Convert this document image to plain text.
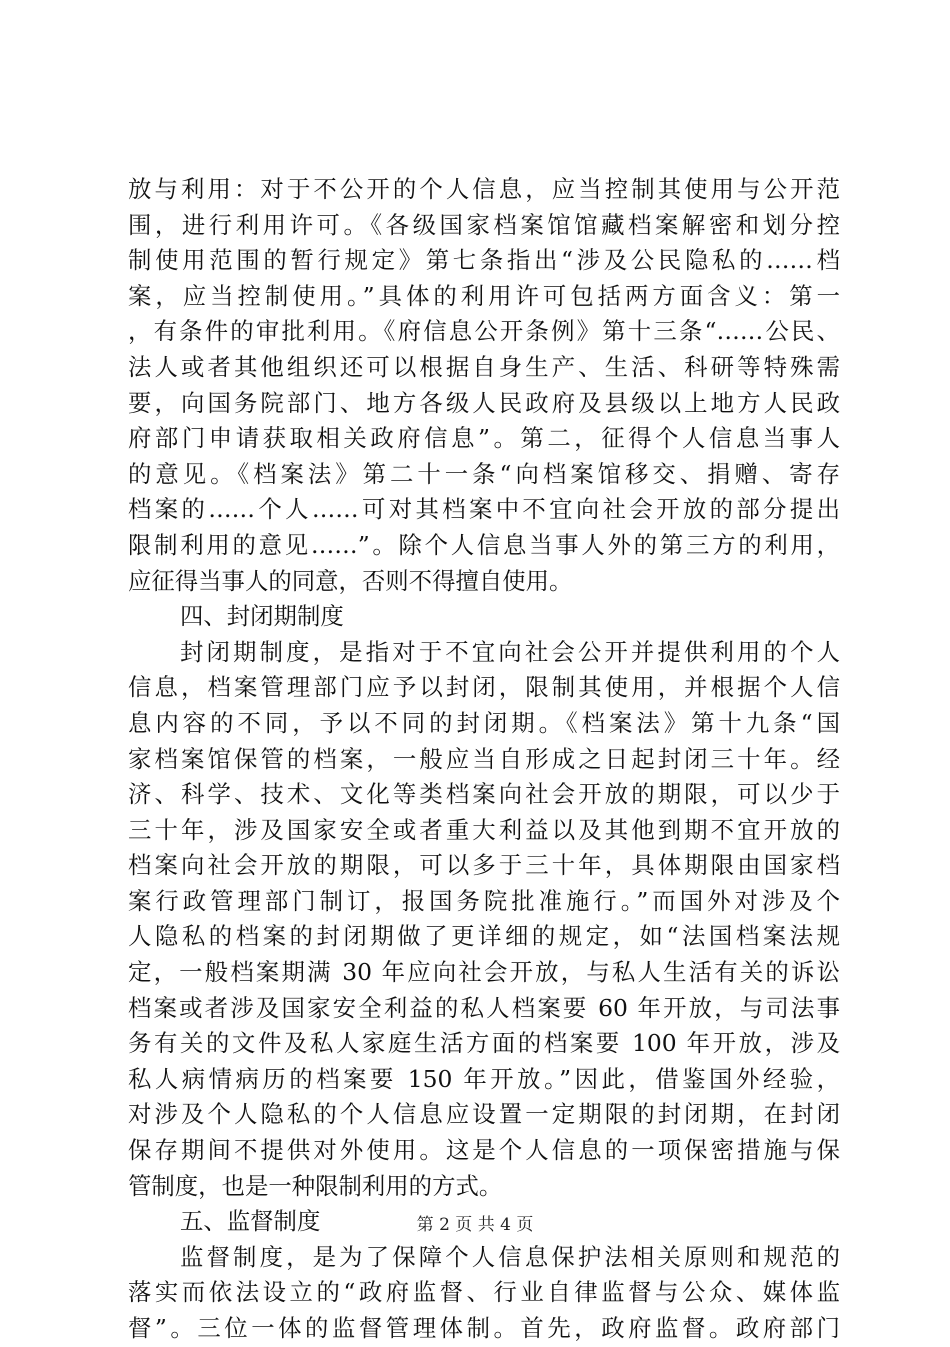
放与利用：对于不公开的个人信息，应当控制其使用与公开范
围，进行利用许可。《各级国家档案馆馆藏档案解密和划分控
制使用范围的暂行规定》第七条指出“涉及公民隐私的……档
案，应当控制使用。”具体的利用许可包括两方面含义：第一
，有条件的审批利用。《府信息公开条例》第十三条“……公民、
法人或者其他组织还可以根据自身生产、生活、科研等特殊需
要，向国务院部门、地方各级人民政府及县级以上地方人民政
府部门申请获取相关政府信息”。第二，征得个人信息当事人
的意见。《档案法》第二十一条“向档案馆移交、捐赠、寄存
档案的……个人……可对其档案中不宜向社会开放的部分提出
限制利用的意见……”。除个人信息当事人外的第三方的利用，
应征得当事人的同意，否则不得擅自使用。
四、封闭期制度
封闭期制度，是指对于不宜向社会公开并提供利用的个人
信息，档案管理部门应予以封闭，限制其使用，并根据个人信
息内容的不同，予以不同的封闭期。《档案法》第十九条“国
家档案馆保管的档案，一般应当自形成之日起封闭三十年。经
济、科学、技术、文化等类档案向社会开放的期限，可以少于
三十年，涉及国家安全或者重大利益以及其他到期不宜开放的
档案向社会开放的期限，可以多于三十年，具体期限由国家档
案行政管理部门制订，报国务院批准施行。”而国外对涉及个
人隐私的档案的封闭期做了更详细的规定，如“法国档案法规
定，一般档案期满 30 年应向社会开放，与私人生活有关的诉讼
档案或者涉及国家安全利益的私人档案要 60 年开放，与司法事
务有关的文件及私人家庭生活方面的档案要 100 年开放，涉及
私人病情病历的档案要 150 年开放。”因此，借鉴国外经验，
对涉及个人隐私的个人信息应设置一定期限的封闭期，在封闭
保存期间不提供对外使用。这是个人信息的一项保密措施与保
管制度，也是一种限制利用的方式。
五、监督制度
监督制度，是为了保障个人信息保护法相关原则和规范的
落实而依法设立的“政府监督、行业自律监督与公众、媒体监
督”。三位一体的监督管理体制。首先，政府监督。政府部门
第 2 页 共 4 页
